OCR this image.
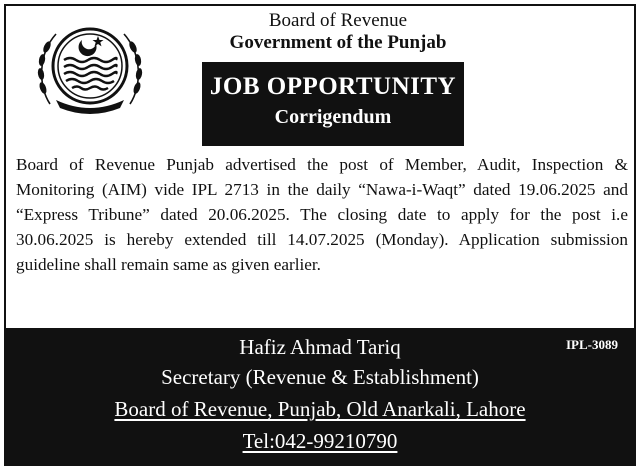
Board of Revenue
Government of the Punjab
JOB OPPORTUNITY
Corrigendum

Board of Revenue Punjab advertised the post of Member, Audit, Inspection & Monitoring (AIM) vide IPL 2713 in the daily “Nawa-i-Waqt” dated 19.06.2025 and “Express Tribune” dated 20.06.2025. The closing date to apply for the post i.e 30.06.2025 is hereby extended till 14.07.2025 (Monday). Application submission guideline shall remain same as given earlier.

Hafiz Ahmad Tariq	IPL-3089
Secretary (Revenue & Establishment)
Board of Revenue, Punjab, Old Anarkali, Lahore
Tel:042-99210790
